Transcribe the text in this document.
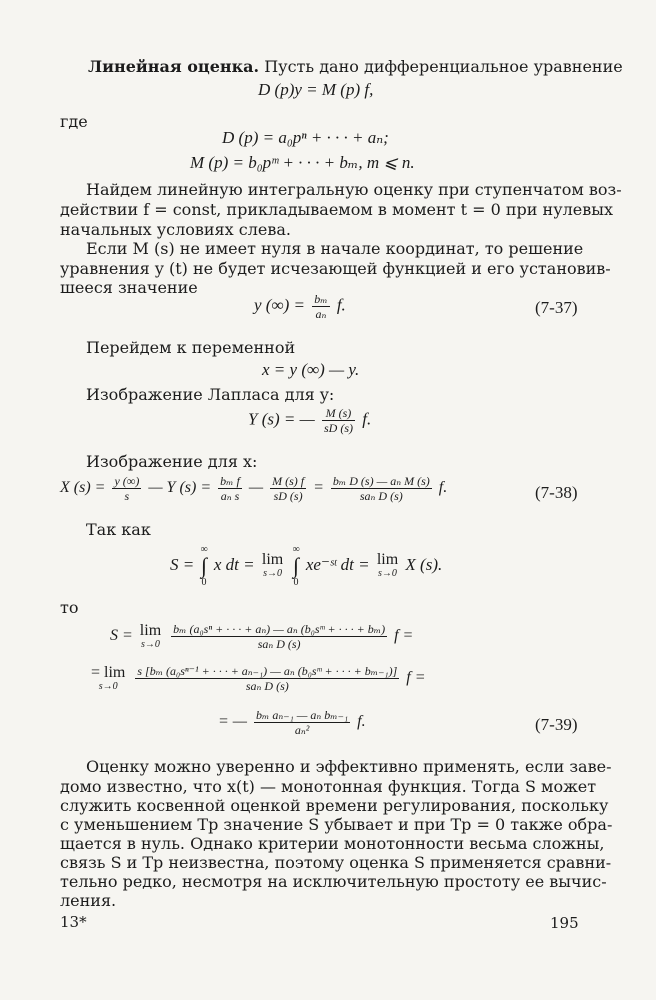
Линейная оценка. Пусть дано дифференциальное уравнение
D (p)y = M (p) f,
где
D (p) = a₀pⁿ + · · · + aₙ;
M (p) = b₀pᵐ + · · · + bₘ, m ⩽ n.
Найдем линейную интегральную оценку при ступенчатом воз-
действии f = const, прикладываемом в момент t = 0 при нулевых
начальных условиях слева.
Если M (s) не имеет нуля в начале координат, то решение
уравнения y (t) не будет исчезающей функцией и его установив-
шееся значение
y (∞) = $\frac{\text{bₘ}}{\text{aₙ}} f$.	(7-37)
Перейдем к переменной
x = y (∞) — y.
Изображение Лапласа для y:
Y (s) = — $\frac{M (s)}{sD (s)} f$.
Изображение для x:
X $(s) = \frac{y (\infty)}{s}$ — Y $(s) = \frac{\text{bₘ f}}{\text{aₙ s}}$ — $\frac{M (s) f}{sD (s)} = b_m$ D (s) — aₙ M (s)
saₙ D (s)	f.	(7-38)
Так как
S =
∞
∫
0
x dt = lim
s→0

∞
∫
0
xe⁻ˢᵗ dt = lim
s→0 X (s).
то
S = lim
s→0

bₘ (a₀sⁿ + · · · + aₙ) — aₙ (b₀sᵐ + · · · + bₘ)
saₙ D (s)	f =
= lim
s→0

s [bₘ (a₀sⁿ⁻¹ + · · · + aₙ₋₁) — aₙ (b₀sᵐ + · · · + bₘ₋₁)]
saₙ D (s)	f =
= — $\frac{\text{bₘ aₙ₋₁ — aₙ bₘ₋₁}}{\text{aₙ²}} f$.	(7-39)
Оценку можно уверенно и эффективно применять, если заве-
домо известно, что x(t) — монотонная функция. Тогда S может
служить косвенной оценкой времени регулирования, поскольку
с уменьшением Tр значение S убывает и при Tр = 0 также обра-
щается в нуль. Однако критерии монотонности весьма сложны,
связь S и Tр неизвестна, поэтому оценка S применяется сравни-
тельно редко, несмотря на исключительную простоту ее вычис-
ления.
13*	195
